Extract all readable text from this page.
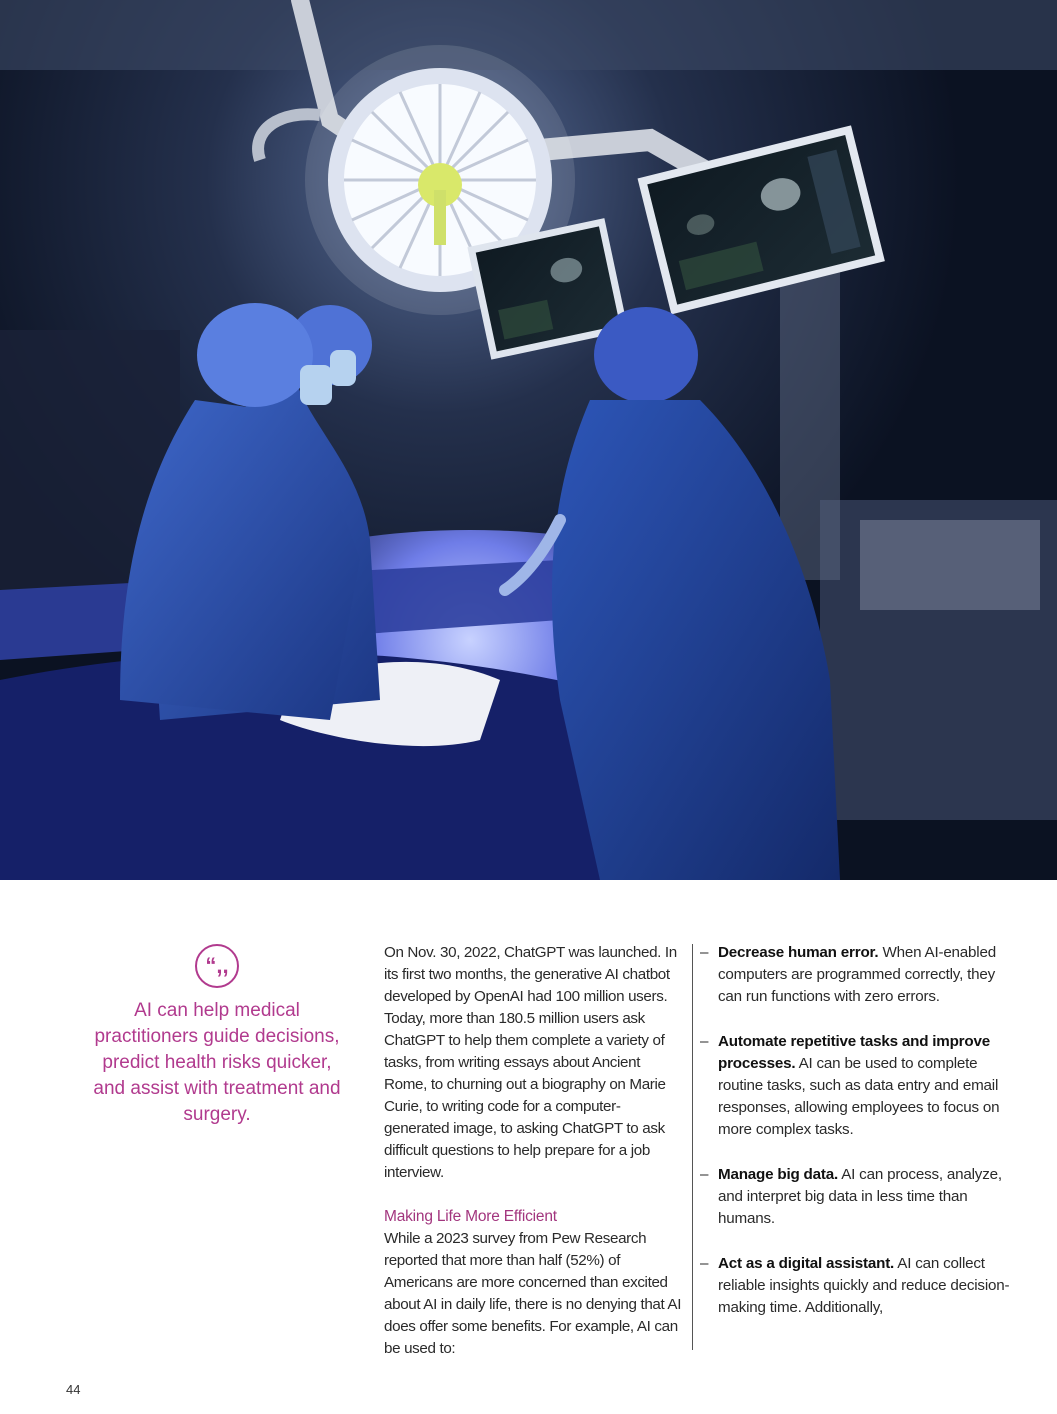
“,,

AI can help medical practitioners guide decisions, predict health risks quicker, and assist with treatment and surgery.

On Nov. 30, 2022, ChatGPT was launched. In its first two months, the generative AI chatbot developed by OpenAI had 100 million users. Today, more than 180.5 million users ask ChatGPT to help them complete a variety of tasks, from writing essays about Ancient Rome, to churning out a biography on Marie Curie, to writing code for a computer-generated image, to asking ChatGPT to ask difficult questions to help prepare for a job interview.

Making Life More Efficient

While a 2023 survey from Pew Research reported that more than half (52%) of Americans are more concerned than excited about AI in daily life, there is no denying that AI does offer some benefits. For example, AI can be used to:

– Decrease human error. When AI-enabled computers are programmed correctly, they can run functions with zero errors.
– Automate repetitive tasks and improve processes. AI can be used to complete routine tasks, such as data entry and email responses, allowing employees to focus on more complex tasks.
– Manage big data. AI can process, analyze, and interpret big data in less time than humans.
– Act as a digital assistant. AI can collect reliable insights quickly and reduce decision-making time. Additionally,
44
